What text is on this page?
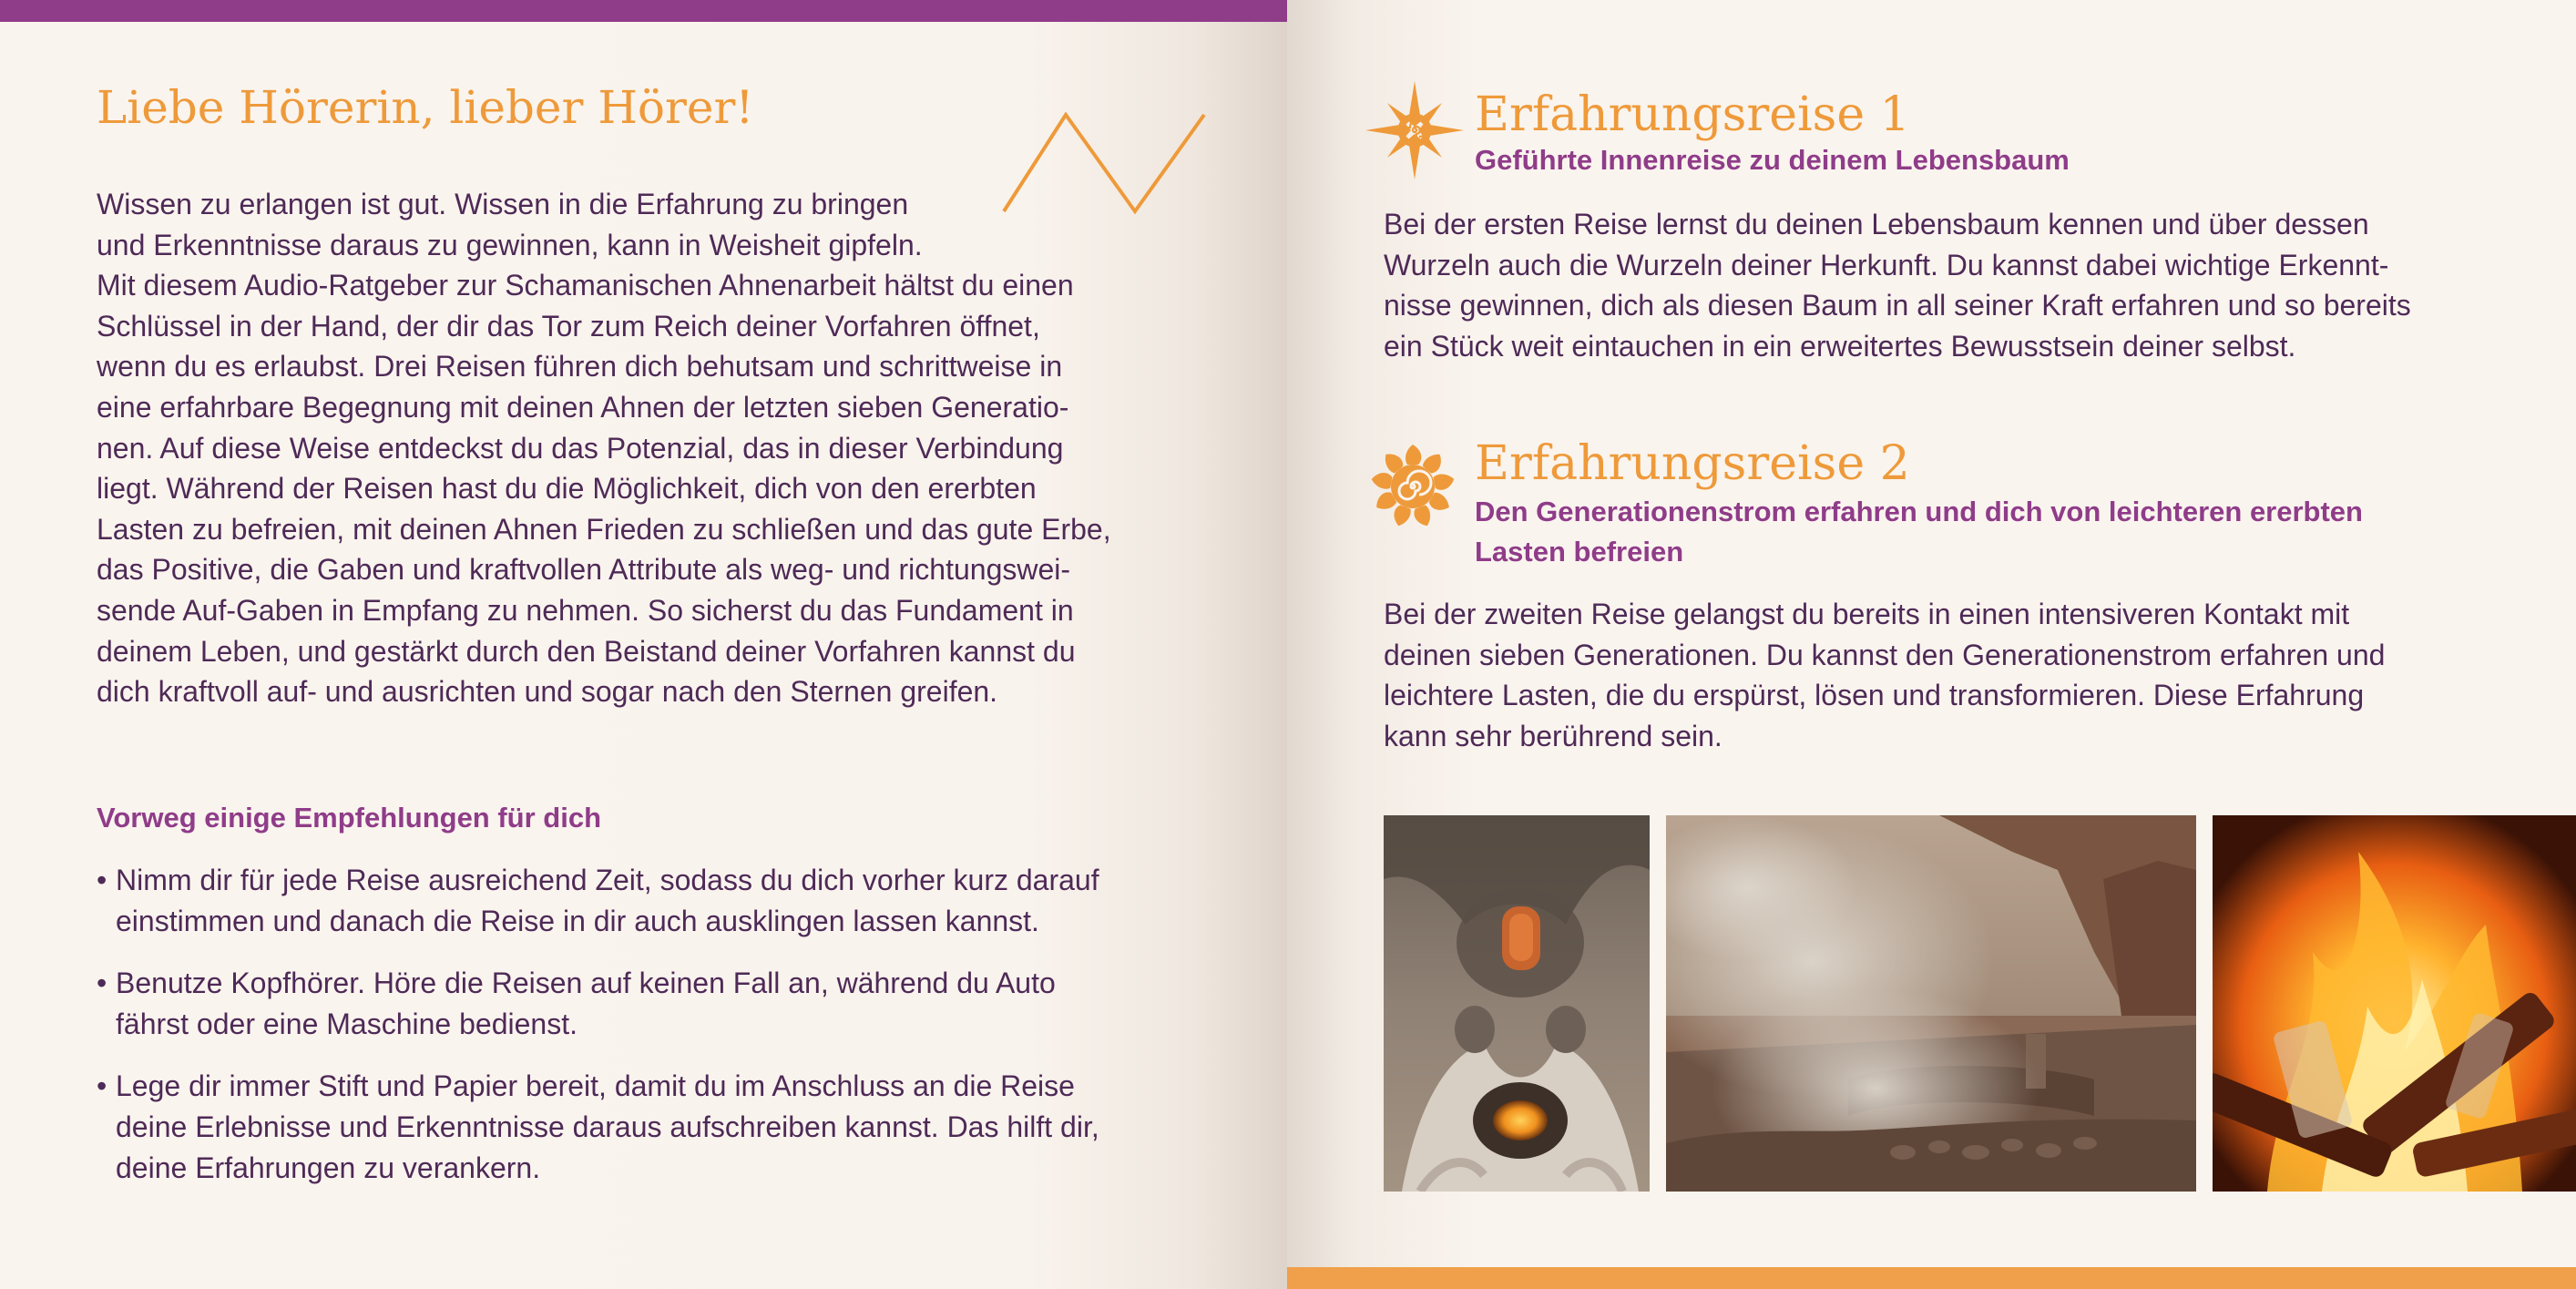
Liebe Hörerin, lieber Hörer!
Wissen zu erlangen ist gut. Wissen in die Erfahrung zu bringen
und Erkenntnisse daraus zu gewinnen, kann in Weisheit gipfeln.
Mit diesem Audio-Ratgeber zur Schamanischen Ahnenarbeit hältst du einen
Schlüssel in der Hand, der dir das Tor zum Reich deiner Vorfahren öffnet,
wenn du es erlaubst. Drei Reisen führen dich behutsam und schrittweise in
eine erfahrbare Begegnung mit deinen Ahnen der letzten sieben Generatio-
nen. Auf diese Weise entdeckst du das Potenzial, das in dieser Verbindung
liegt. Während der Reisen hast du die Möglichkeit, dich von den ererbten
Lasten zu befreien, mit deinen Ahnen Frieden zu schließen und das gute Erbe,
das Positive, die Gaben und kraftvollen Attribute als weg- und richtungswei-
sende Auf-Gaben in Empfang zu nehmen. So sicherst du das Fundament in
deinem Leben, und gestärkt durch den Beistand deiner Vorfahren kannst du
dich kraftvoll auf- und ausrichten und sogar nach den Sternen greifen.
Vorweg einige Empfehlungen für dich
• Nimm dir für jede Reise ausreichend Zeit, sodass du dich vorher kurz darauf
einstimmen und danach die Reise in dir auch ausklingen lassen kannst.
• Benutze Kopfhörer. Höre die Reisen auf keinen Fall an, während du Auto
fährst oder eine Maschine bedienst.
• Lege dir immer Stift und Papier bereit, damit du im Anschluss an die Reise
deine Erlebnisse und Erkenntnisse daraus aufschreiben kannst. Das hilft dir,
deine Erfahrungen zu verankern.
Erfahrungsreise 1
Geführte Innenreise zu deinem Lebensbaum
Bei der ersten Reise lernst du deinen Lebensbaum kennen und über dessen
Wurzeln auch die Wurzeln deiner Herkunft. Du kannst dabei wichtige Erkennt-
nisse gewinnen, dich als diesen Baum in all seiner Kraft erfahren und so bereits
ein Stück weit eintauchen in ein erweitertes Bewusstsein deiner selbst.
Erfahrungsreise 2
Den Generationenstrom erfahren und dich von leichteren ererbten
Lasten befreien
Bei der zweiten Reise gelangst du bereits in einen intensiveren Kontakt mit
deinen sieben Generationen. Du kannst den Generationenstrom erfahren und
leichtere Lasten, die du erspürst, lösen und transformieren. Diese Erfahrung
kann sehr berührend sein.
